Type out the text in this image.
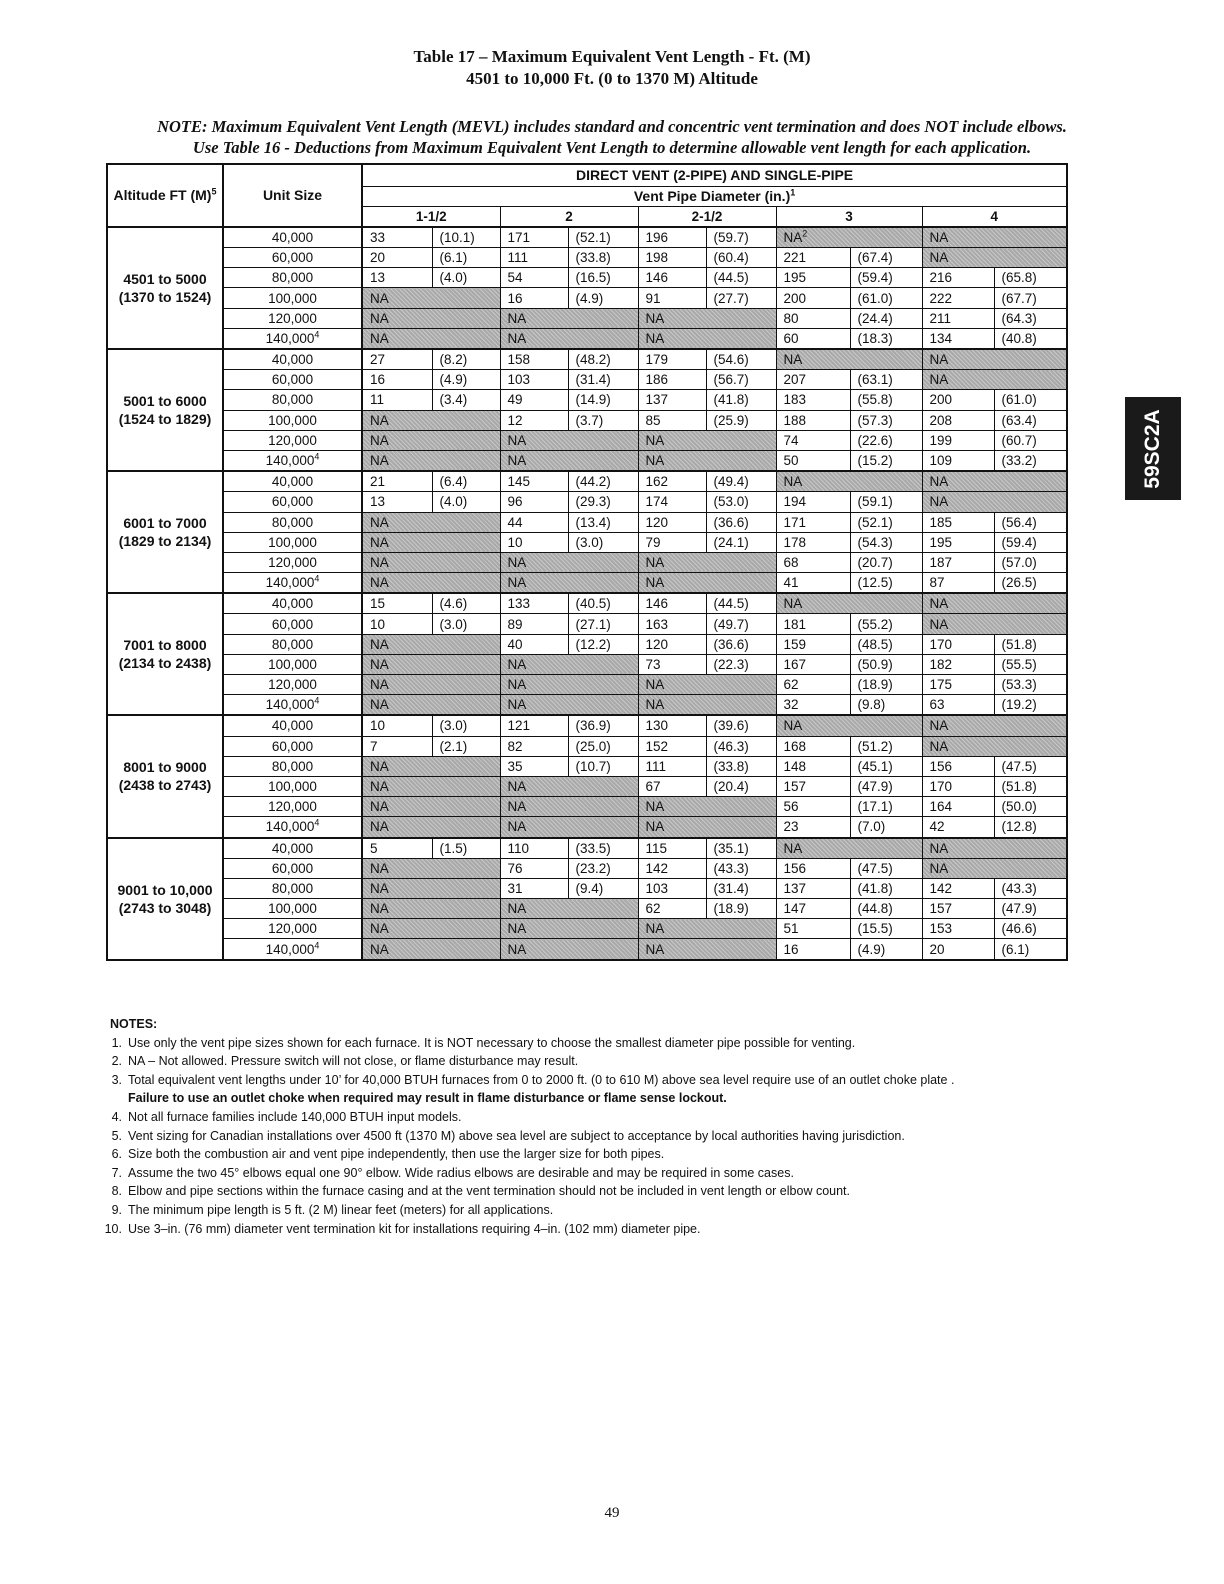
Table 17 – Maximum Equivalent Vent Length - Ft. (M)
4501 to 10,000 Ft. (0 to 1370 M) Altitude
NOTE: Maximum Equivalent Vent Length (MEVL) includes standard and concentric vent termination and does NOT include elbows.
Use Table 16 - Deductions from Maximum Equivalent Vent Length to determine allowable vent length for each application.
Altitude FT $(M)^5$	Unit Size	DIRECT VENT (2-PIPE) AND SINGLE-PIPE									
		Vent Pipe Diameter $(in.)^1$
		1-1/2		2		2-1/2		3		4	
4501 to 5000 (1370 to 1524)	40,000	33	(10.1)	171	(52.1)	196	(59.7)	$NA^2$		NA	
	60,000	20	(6.1)	111	(33.8)	198	(60.4)	221	(67.4)	NA	
	80,000	13	(4.0)	54	(16.5)	146	(44.5)	195	(59.4)	216	(65.8)
	100,000	NA		16	(4.9)	91	(27.7)	200	(61.0)	222	(67.7)
	120,000	NA		NA		NA		80	(24.4)	211	(64.3)
	140,000$^4$	NA		NA		NA		60	(18.3)	134	(40.8)
5001 to 6000 (1524 to 1829)	40,000	27	(8.2)	158	(48.2)	179	(54.6)	NA		NA	
	60,000	16	(4.9)	103	(31.4)	186	(56.7)	207	(63.1)	NA	
	80,000	11	(3.4)	49	(14.9)	137	(41.8)	183	(55.8)	200	(61.0)
	100,000	NA		12	(3.7)	85	(25.9)	188	(57.3)	208	(63.4)
	120,000	NA		NA		NA		74	(22.6)	199	(60.7)
	140,000$^4$	NA		NA		NA		50	(15.2)	109	(33.2)
6001 to 7000 (1829 to 2134)	40,000	21	(6.4)	145	(44.2)	162	(49.4)	NA		NA	
	60,000	13	(4.0)	96	(29.3)	174	(53.0)	194	(59.1)	NA	
	80,000	NA		44	(13.4)	120	(36.6)	171	(52.1)	185	(56.4)
	100,000	NA		10	(3.0)	79	(24.1)	178	(54.3)	195	(59.4)
	120,000	NA		NA		NA		68	(20.7)	187	(57.0)
	140,000$^4$	NA		NA		NA		41	(12.5)	87	(26.5)
7001 to 8000 (2134 to 2438)	40,000	15	(4.6)	133	(40.5)	146	(44.5)	NA		NA	
	60,000	10	(3.0)	89	(27.1)	163	(49.7)	181	(55.2)	NA	
	80,000	NA		40	(12.2)	120	(36.6)	159	(48.5)	170	(51.8)
	100,000	NA		NA		73	(22.3)	167	(50.9)	182	(55.5)
	120,000	NA		NA		NA		62	(18.9)	175	(53.3)
	140,000$^4$	NA		NA		NA		32	(9.8)	63	(19.2)
8001 to 9000 (2438 to 2743)	40,000	10	(3.0)	121	(36.9)	130	(39.6)	NA		NA	
	60,000	7	(2.1)	82	(25.0)	152	(46.3)	168	(51.2)	NA	
	80,000	NA		35	(10.7)	111	(33.8)	148	(45.1)	156	(47.5)
	100,000	NA		NA		67	(20.4)	157	(47.9)	170	(51.8)
	120,000	NA		NA		NA		56	(17.1)	164	(50.0)
	140,000$^4$	NA		NA		NA		23	(7.0)	42	(12.8)
9001 to 10,000 (2743 to 3048)	40,000	5	(1.5)	110	(33.5)	115	(35.1)	NA		NA	
	60,000	NA		76	(23.2)	142	(43.3)	156	(47.5)	NA	
	80,000	NA		31	(9.4)	103	(31.4)	137	(41.8)	142	(43.3)
	100,000	NA		NA		62	(18.9)	147	(44.8)	157	(47.9)
	120,000	NA		NA		NA		51	(15.5)	153	(46.6)
	140,000$^4$	NA		NA		NA		16	(4.9)	20	(6.1)
NOTES:
1. Use only the vent pipe sizes shown for each furnace. It is NOT necessary to choose the smallest diameter pipe possible for venting.
2. NA – Not allowed. Pressure switch will not close, or flame disturbance may result.
3. Total equivalent vent lengths under 10’ for 40,000 BTUH furnaces from 0 to 2000 ft. (0 to 610 M) above sea level require use of an outlet choke plate .
Failure to use an outlet choke when required may result in flame disturbance or flame sense lockout.
4. Not all furnace families include 140,000 BTUH input models.
5. Vent sizing for Canadian installations over 4500 ft (1370 M) above sea level are subject to acceptance by local authorities having jurisdiction.
6. Size both the combustion air and vent pipe independently, then use the larger size for both pipes.
7. Assume the two 45° elbows equal one 90° elbow. Wide radius elbows are desirable and may be required in some cases.
8. Elbow and pipe sections within the furnace casing and at the vent termination should not be included in vent length or elbow count.
9. The minimum pipe length is 5 ft. (2 M) linear feet (meters) for all applications.
10. Use 3–in. (76 mm) diameter vent termination kit for installations requiring 4–in. (102 mm) diameter pipe.
59SC2A
49
